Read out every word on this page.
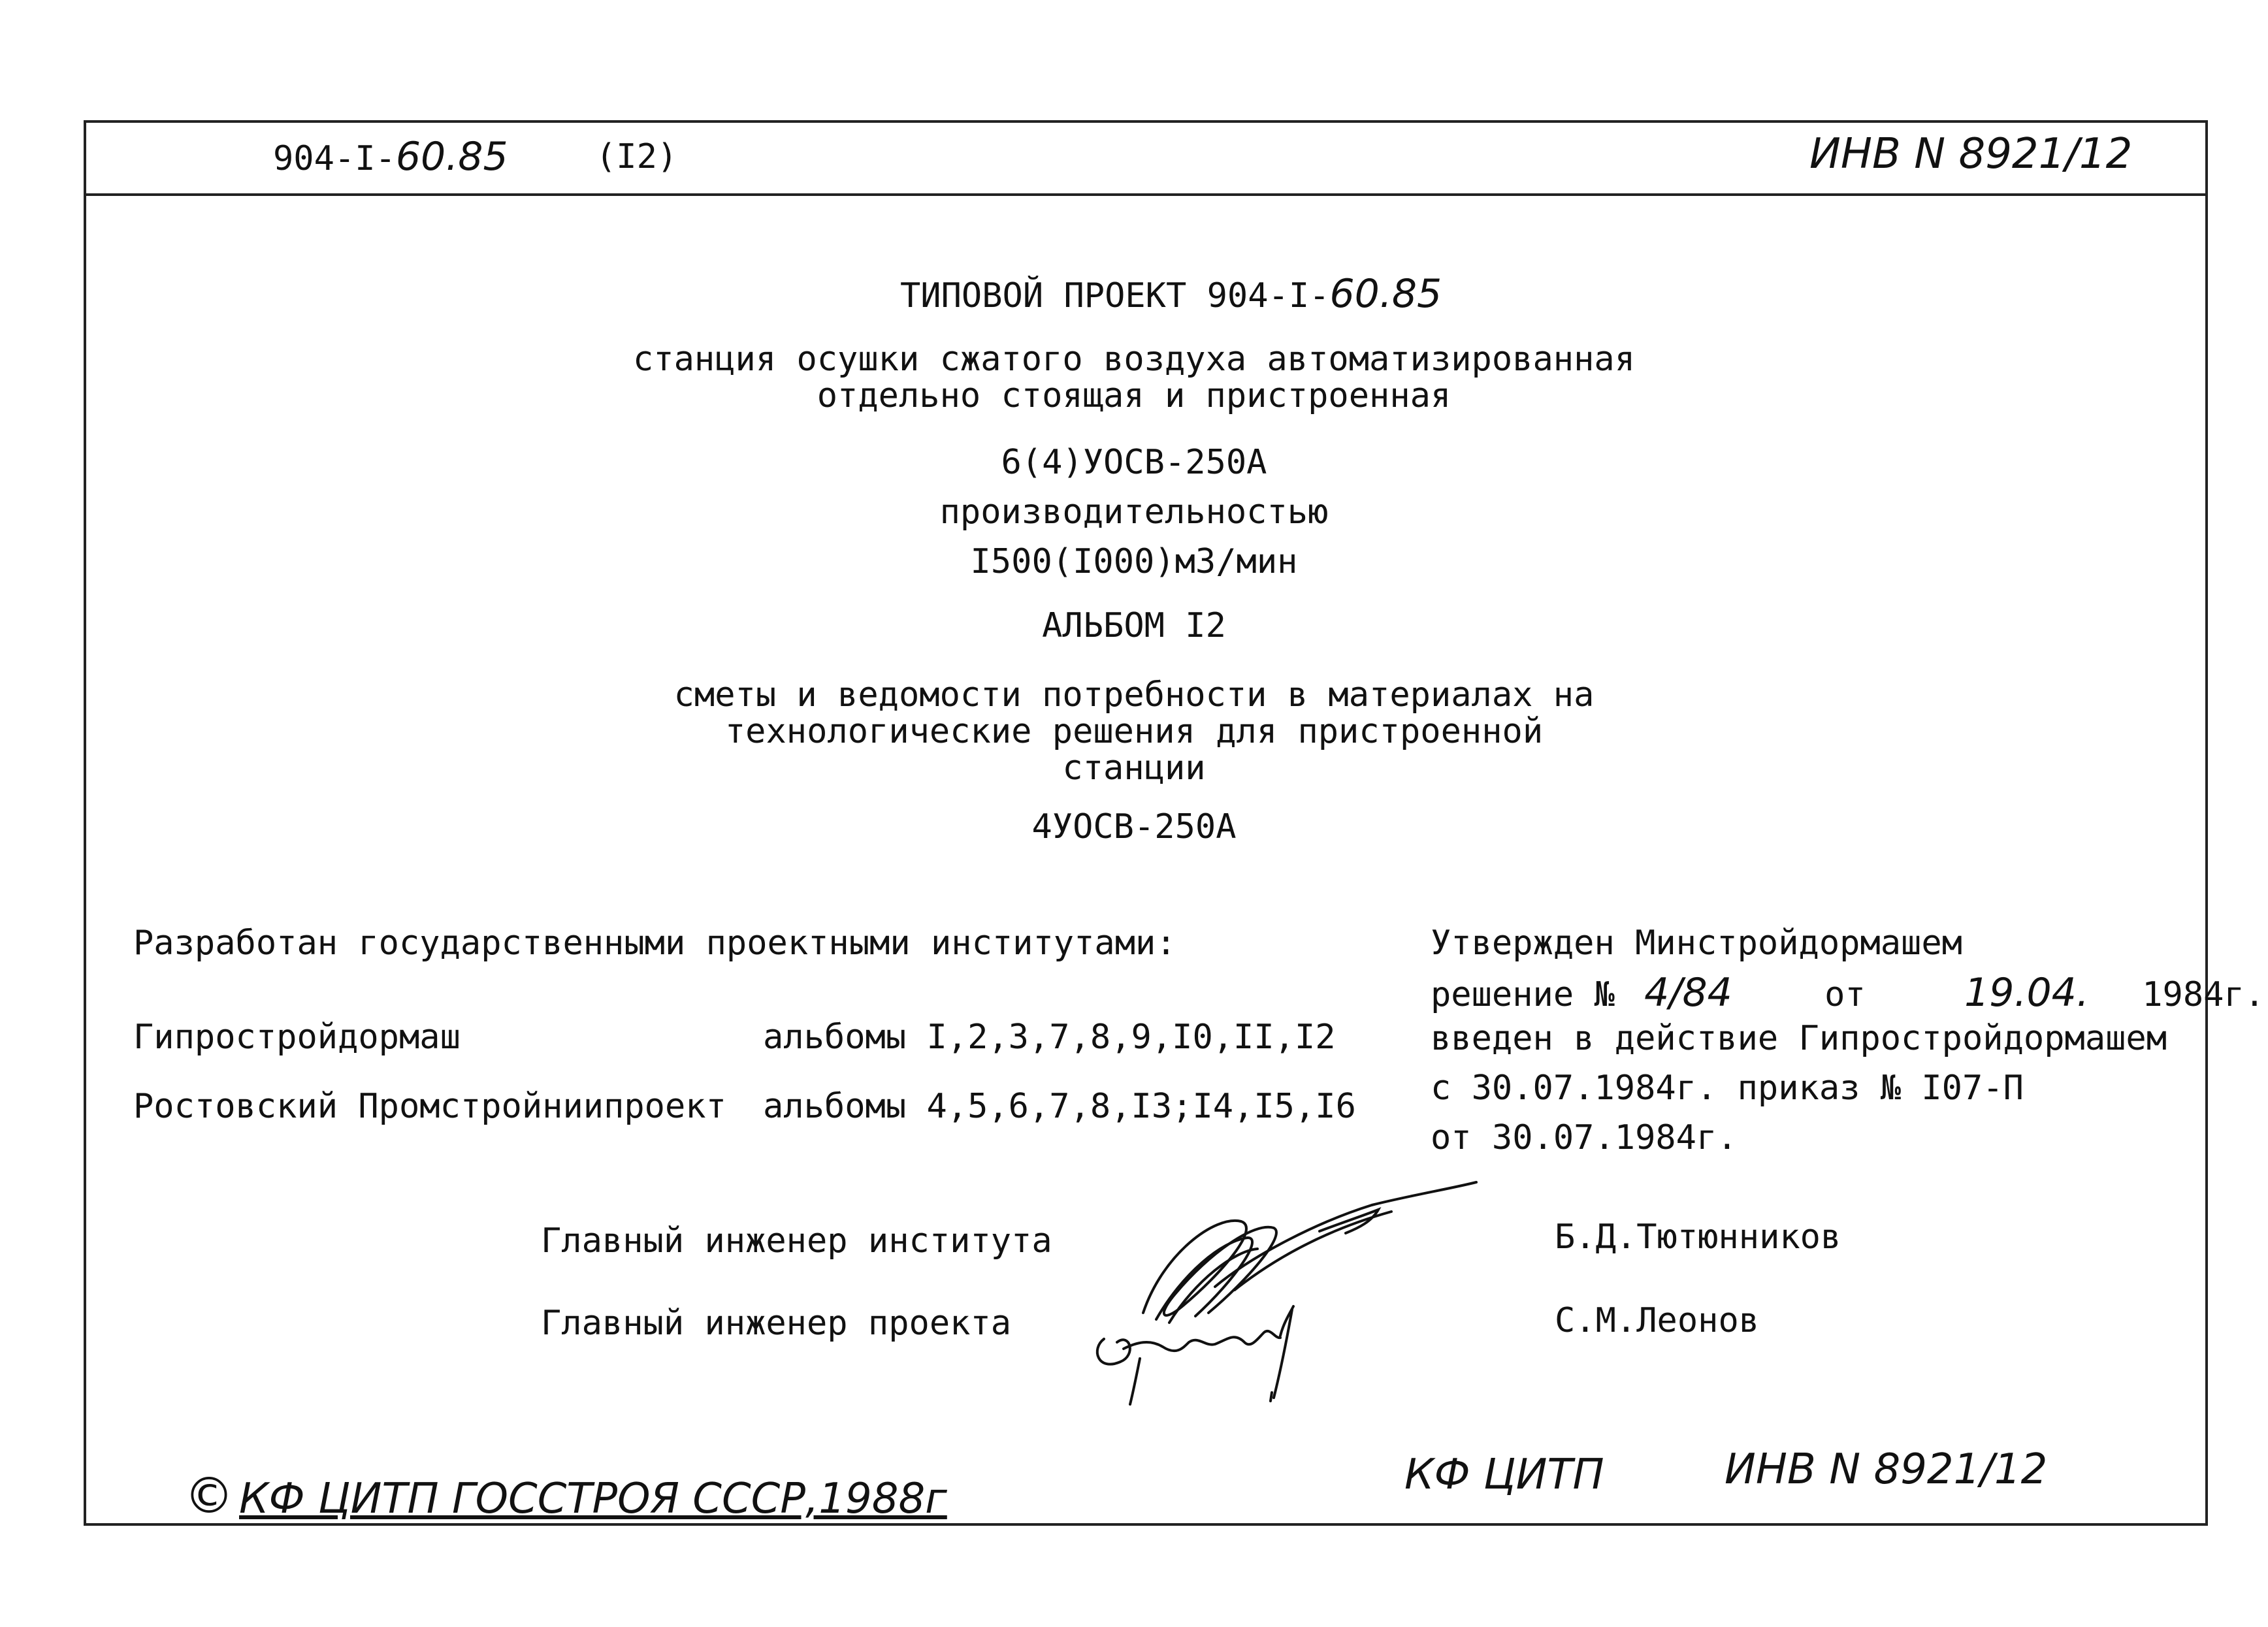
904-I-60.85	(I2)	ИНВ N 8921/12
ТИПОВОЙ ПРОЕКТ 904-I-60.85
станция осушки сжатого воздуха автоматизированная
отдельно стоящая и пристроенная
6(4)УОСВ-250А
производительностью
I500(I000)м3/мин
АЛЬБОМ I2
сметы и ведомости потребности в материалах на
технологические решения для пристроенной
станции
4УОСВ-250А
Разработан государственными проектными институтами:
Гипростройдормаш	альбомы I,2,3,7,8,9,I0,II,I2
Ростовский Промстройниипроект альбомы 4,5,6,7,8,I3;I4,I5,I6
Утвержден Минстройдормашем
решение № 4/84	от	19.04. 1984г.
введен в действие Гипростройдормашем
с 30.07.1984г. приказ № I07-П
от 30.07.1984г.
Главный инженер института	Б.Д.Тютюнников
Главный инженер проекта	С.М.Леонов
© КФ ЦИТП ГОССТРОЯ СССР,1988г	КФ ЦИТП	ИНВ N 8921/12
